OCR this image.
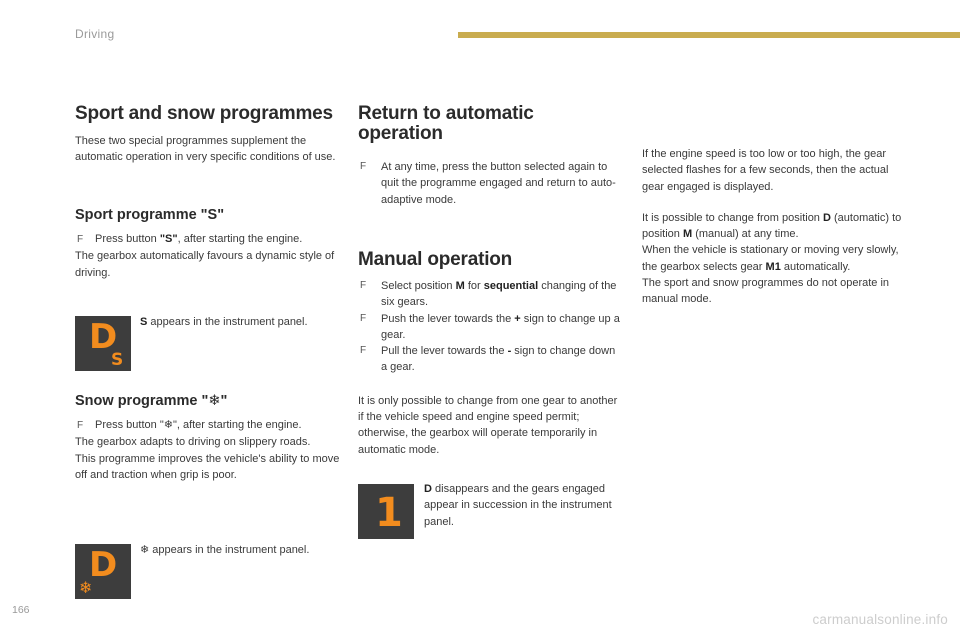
Driving
Sport and snow programmes

These two special programmes supplement the automatic operation in very specific conditions of use.

Sport programme "S"

F Press button "S", after starting the engine.

The gearbox automatically favours a dynamic style of driving.

D
S

S appears in the instrument panel.

Snow programme "❄"

F Press button "❄", after starting the engine.

The gearbox adapts to driving on slippery roads.

This programme improves the vehicle's ability to move off and traction when grip is poor.

D
❄

❄ appears in the instrument panel.

Return to automatic
operation

F At any time, press the button selected again to quit the programme engaged and return to auto-adaptive mode.

Manual operation

F Select position M for sequential changing of the six gears.

F Push the lever towards the + sign to change up a gear.

F Pull the lever towards the - sign to change down a gear.

It is only possible to change from one gear to another if the vehicle speed and engine speed permit; otherwise, the gearbox will operate temporarily in automatic mode.

1

D disappears and the gears engaged appear in succession in the instrument panel.

If the engine speed is too low or too high, the gear selected flashes for a few seconds, then the actual gear engaged is displayed.

It is possible to change from position D (automatic) to position M (manual) at any time.

When the vehicle is stationary or moving very slowly, the gearbox selects gear M1 automatically.

The sport and snow programmes do not operate in manual mode.

166
carmanualsonline.info
